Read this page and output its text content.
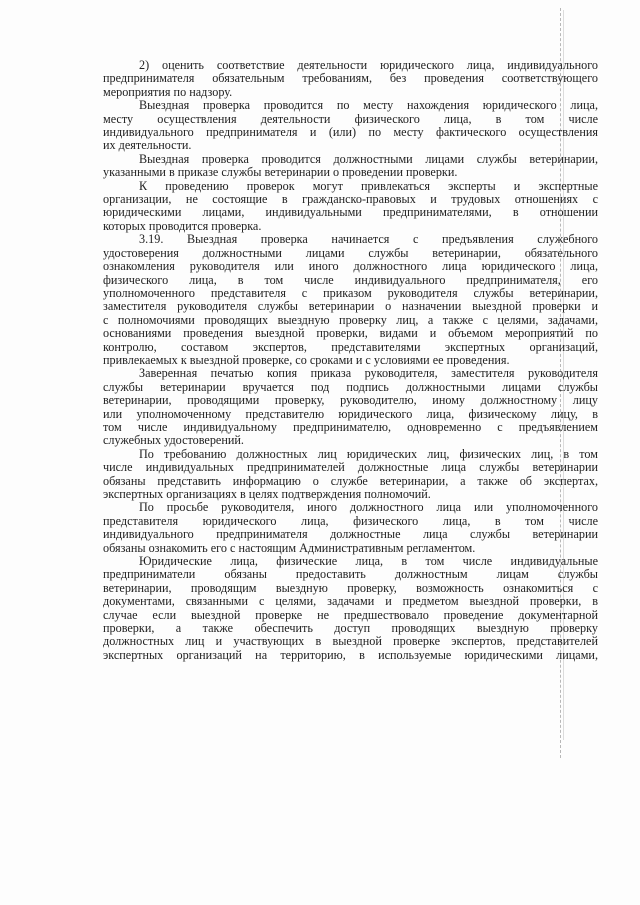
2) оценить соответствие деятельности юридического лица, индивидуального
предпринимателя обязательным требованиям, без проведения соответствующего
мероприятия по надзору.
Выездная проверка проводится по месту нахождения юридического лица,
месту осуществления деятельности физического лица, в том числе
индивидуального предпринимателя и (или) по месту фактического осуществления
их деятельности.
Выездная проверка проводится должностными лицами службы ветеринарии,
указанными в приказе службы ветеринарии о проведении проверки.
К проведению проверок могут привлекаться эксперты и экспертные
организации, не состоящие в гражданско-правовых и трудовых отношениях с
юридическими лицами, индивидуальными предпринимателями, в отношении
которых проводится проверка.
3.19. Выездная проверка начинается с предъявления служебного
удостоверения должностными лицами службы ветеринарии, обязательного
ознакомления руководителя или иного должностного лица юридического лица,
физического лица, в том числе индивидуального предпринимателя, его
уполномоченного представителя с приказом руководителя службы ветеринарии,
заместителя руководителя службы ветеринарии о назначении выездной проверки и
с полномочиями проводящих выездную проверку лиц, а также с целями, задачами,
основаниями проведения выездной проверки, видами и объемом мероприятий по
контролю, составом экспертов, представителями экспертных организаций,
привлекаемых к выездной проверке, со сроками и с условиями ее проведения.
Заверенная печатью копия приказа руководителя, заместителя руководителя
службы ветеринарии вручается под подпись должностными лицами службы
ветеринарии, проводящими проверку, руководителю, иному должностному лицу
или уполномоченному представителю юридического лица, физическому лицу, в
том числе индивидуальному предпринимателю, одновременно с предъявлением
служебных удостоверений.
По требованию должностных лиц юридических лиц, физических лиц, в том
числе индивидуальных предпринимателей должностные лица службы ветеринарии
обязаны представить информацию о службе ветеринарии, а также об экспертах,
экспертных организациях в целях подтверждения полномочий.
По просьбе руководителя, иного должностного лица или уполномоченного
представителя юридического лица, физического лица, в том числе
индивидуального предпринимателя должностные лица службы ветеринарии
обязаны ознакомить его с настоящим Административным регламентом.
Юридические лица, физические лица, в том числе индивидуальные
предприниматели обязаны предоставить должностным лицам службы
ветеринарии, проводящим выездную проверку, возможность ознакомиться с
документами, связанными с целями, задачами и предметом выездной проверки, в
случае если выездной проверке не предшествовало проведение документарной
проверки, а также обеспечить доступ проводящих выездную проверку
должностных лиц и участвующих в выездной проверке экспертов, представителей
экспертных организаций на территорию, в используемые юридическими лицами,
